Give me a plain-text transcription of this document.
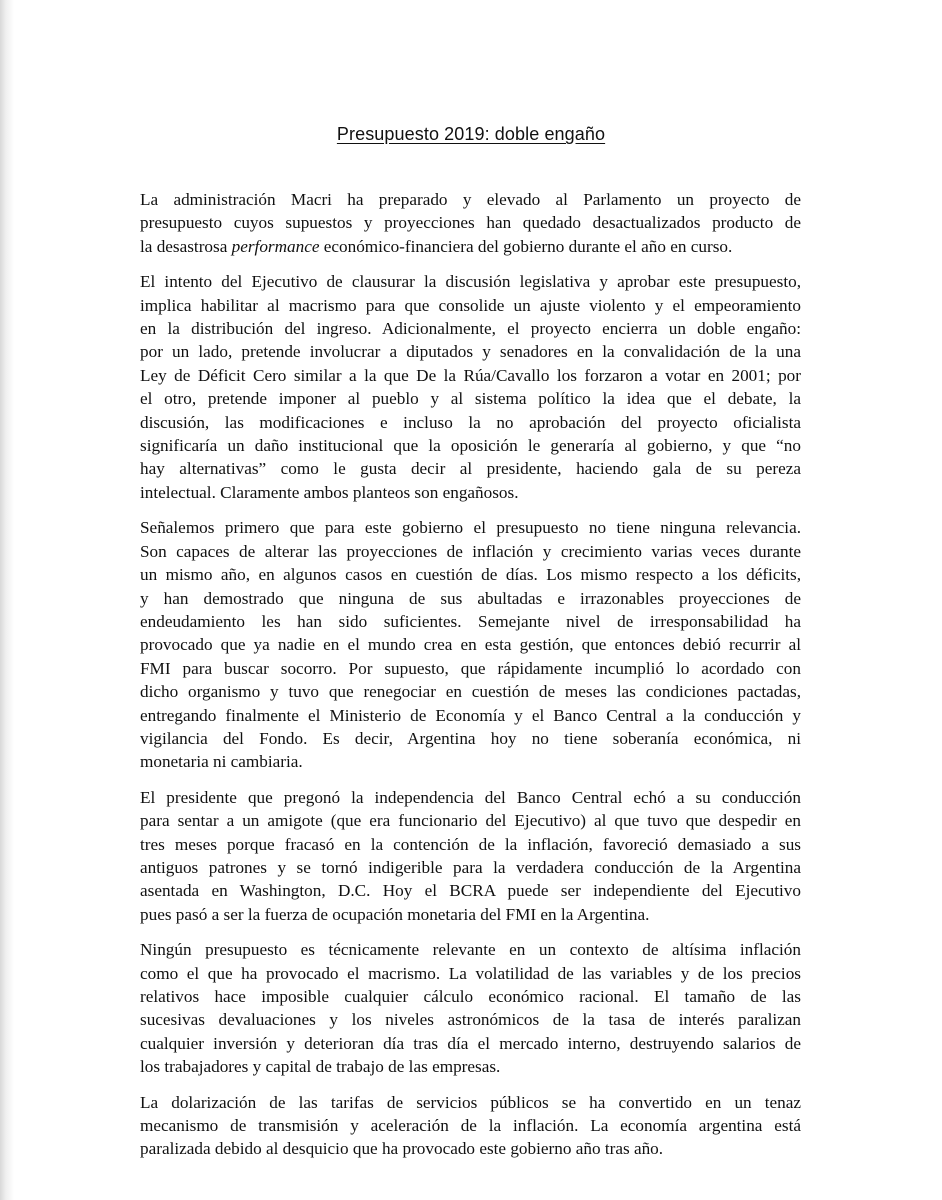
Presupuesto 2019: doble engaño

La administración Macri ha preparado y elevado al Parlamento un proyecto de
presupuesto cuyos supuestos y proyecciones han quedado desactualizados producto de
la desastrosa performance económico-financiera del gobierno durante el año en curso.

El intento del Ejecutivo de clausurar la discusión legislativa y aprobar este presupuesto,
implica habilitar al macrismo para que consolide un ajuste violento y el empeoramiento
en la distribución del ingreso. Adicionalmente, el proyecto encierra un doble engaño:
por un lado, pretende involucrar a diputados y senadores en la convalidación de la una
Ley de Déficit Cero similar a la que De la Rúa/Cavallo los forzaron a votar en 2001; por
el otro, pretende imponer al pueblo y al sistema político la idea que el debate, la
discusión, las modificaciones e incluso la no aprobación del proyecto oficialista
significaría un daño institucional que la oposición le generaría al gobierno, y que “no
hay alternativas” como le gusta decir al presidente, haciendo gala de su pereza
intelectual. Claramente ambos planteos son engañosos.

Señalemos primero que para este gobierno el presupuesto no tiene ninguna relevancia.
Son capaces de alterar las proyecciones de inflación y crecimiento varias veces durante
un mismo año, en algunos casos en cuestión de días. Los mismo respecto a los déficits,
y han demostrado que ninguna de sus abultadas e irrazonables proyecciones de
endeudamiento les han sido suficientes. Semejante nivel de irresponsabilidad ha
provocado que ya nadie en el mundo crea en esta gestión, que entonces debió recurrir al
FMI para buscar socorro. Por supuesto, que rápidamente incumplió lo acordado con
dicho organismo y tuvo que renegociar en cuestión de meses las condiciones pactadas,
entregando finalmente el Ministerio de Economía y el Banco Central a la conducción y
vigilancia del Fondo. Es decir, Argentina hoy no tiene soberanía económica, ni
monetaria ni cambiaria.

El presidente que pregonó la independencia del Banco Central echó a su conducción
para sentar a un amigote (que era funcionario del Ejecutivo) al que tuvo que despedir en
tres meses porque fracasó en la contención de la inflación, favoreció demasiado a sus
antiguos patrones y se tornó indigerible para la verdadera conducción de la Argentina
asentada en Washington, D.C. Hoy el BCRA puede ser independiente del Ejecutivo
pues pasó a ser la fuerza de ocupación monetaria del FMI en la Argentina.

Ningún presupuesto es técnicamente relevante en un contexto de altísima inflación
como el que ha provocado el macrismo. La volatilidad de las variables y de los precios
relativos hace imposible cualquier cálculo económico racional. El tamaño de las
sucesivas devaluaciones y los niveles astronómicos de la tasa de interés paralizan
cualquier inversión y deterioran día tras día el mercado interno, destruyendo salarios de
los trabajadores y capital de trabajo de las empresas.

La dolarización de las tarifas de servicios públicos se ha convertido en un tenaz
mecanismo de transmisión y aceleración de la inflación. La economía argentina está
paralizada debido al desquicio que ha provocado este gobierno año tras año.
